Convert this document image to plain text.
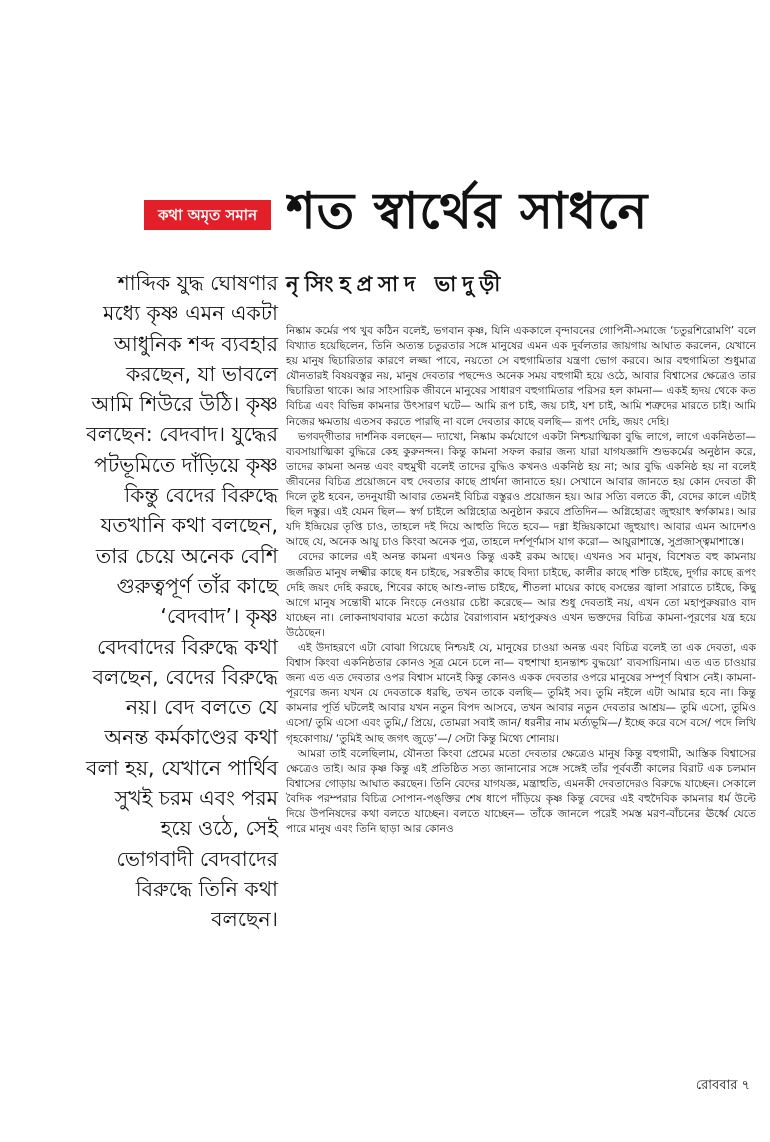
কথা অমৃত সমান শত স্বার্থের সাধনে
নৃসিংহপ্রসাদ ভাদুড়ী
শাব্দিক যুদ্ধ ঘোষণার মধ্যে কৃষ্ণ এমন একটা আধুনিক শব্দ ব্যবহার করছেন, যা ভাবলে আমি শিউরে উঠি। কৃষ্ণ বলছেন: বেদবাদ। যুদ্ধের পটভূমিতে দাঁড়িয়ে কৃষ্ণ কিন্তু বেদের বিরুদ্ধে যতখানি কথা বলছেন, তার চেয়ে অনেক বেশি গুরুত্বপূর্ণ তাঁর কাছে ‘বেদবাদ’। কৃষ্ণ বেদবাদের বিরুদ্ধে কথা বলছেন, বেদের বিরুদ্ধে নয়। বেদ বলতে যে অনন্ত কর্মকাণ্ডের কথা বলা হয়, যেখানে পার্থিব সুখই চরম এবং পরম হয়ে ওঠে, সেই ভোগবাদী বেদবাদের বিরুদ্ধে তিনি কথা বলছেন।

নিষ্কাম কর্মের পথ খুব কঠিন বলেই, ভগবান কৃষ্ণ, যিনি এককালে বৃন্দাবনের গোপিনী-সমাজে ‘চতুরশিরোমণি’ বলে বিখ্যাত হয়েছিলেন, তিনি অত্যন্ত চতুরতার সঙ্গে মানুষের এমন এক দুর্বলতার জায়গায় আঘাত করলেন, যেখানে হয় মানুষ ছিচারিতার কারণে লজ্জা পাবে, নয়তো সে বহুগামিতার যন্ত্রণা ভোগ করবে। আর বহুগামিতা শুধুমাত্র যৌনতারই বিষয়বস্তুর নয়, মানুষ দেবতার পছন্দেও অনেক সময় বহুগামী হয়ে ওঠে, আবার বিশ্বাসের ক্ষেত্রেও তার দ্বিচারিতা থাকে। আর সাংসারিক জীবনে মানুষের সাধারণ বহুগামিতার পরিসর হল কামনা— একই হৃদয় থেকে কত বিচিত্র এবং বিভিন্ন কামনার উৎসারণ ঘটে— আমি রূপ চাই, জয় চাই, যশ চাই, আমি শত্রুদের মারতে চাই। আমি নিজের ক্ষমতায় এতসব করতে পারছি না বলে দেবতার কাছে বলছি— রূপং দেহি, জয়ং দেহি।

ভগবদ্‌গীতার দার্শনিক বলছেন— দ্যাখো, নিষ্কাম কর্মযোগে একটা নিশ্চয়াত্মিকা বুদ্ধি লাগে, লাগে একনিষ্ঠতা— ব্যবসায়াত্মিকা বুদ্ধিরে কেহ কুরুনন্দন। কিন্তু কামনা সফল করার জন্য যারা যাগযজ্ঞাদি শুভকর্মের অনুষ্ঠান করে, তাদের কামনা অনন্ত এবং বহুমুখী বলেই তাদের বুদ্ধিও কখনও একনিষ্ঠ হয় না; আর বুদ্ধি একনিষ্ঠ হয় না বলেই জীবনের বিচিত্র প্রয়োজনে বহু দেবতার কাছে প্রার্থনা জানাতে হয়। সেখানে আবার জানতে হয় কোন দেবতা কী দিলে তুষ্ট হবেন, তদনুযায়ী আবার তেমনই বিচিত্র বস্তুরও প্রয়োজন হয়। আর সত্যি বলতে কী, বেদের কালে এটাই ছিল দস্তুর। এই যেমন ছিল— স্বর্গ চাইলে অগ্নিহোত্র অনুষ্ঠান করবে প্রতিদিন— অগ্নিহোত্রং জুহুয়াৎ স্বর্গকামঃ। আর যদি ইন্দ্রিয়ের তৃপ্তি চাও, তাহলে দই দিয়ে আহুতি দিতে হবে— দধ্না ইন্দ্রিয়কামো জুহুয়াৎ। আবার এমন আদেশও আছে যে, অনেক আয়ু চাও কিংবা অনেক পুত্র, তাহলে দর্শপূর্ণমাস যাগ করো— আয়ুরাশাস্তে, সুপ্রজাস্ত্বমাশাস্তে।

বেদের কালের এই অনন্ত কামনা এখনও কিন্তু একই রকম আছে। এখনও সব মানুষ, বিশেষত বহু কামনায় জর্জরিত মানুষ লক্ষ্মীর কাছে ধন চাইছে, সরস্বতীর কাছে বিদ্যা চাইছে, কালীর কাছে শক্তি চাইছে, দুর্গার কাছে রূপং দেহি জয়ং দেহি করছে, শিবের কাছে আশু-লাভ চাইছে, শীতলা মায়ের কাছে বসন্তের জ্বালা সারাতে চাইছে, কিছু আগে মানুষ সন্তোষী মাকে নিংড়ে নেওয়ার চেষ্টা করেছে— আর শুধু দেবতাই নয়, এখন তো মহাপুরুষরাও বাদ যাচ্ছেন না। লোকনাথবাবার মতো কঠোর বৈরাগ্যবান মহাপুরুষও এখন ভক্তদের বিচিত্র কামনা-পূরণের যন্ত্র হয়ে উঠেছেন।

এই উদাহরণে এটা বোঝা গিয়েছে নিশ্চয়ই যে, মানুষের চাওয়া অনন্ত এবং বিচিত্র বলেই তা এক দেবতা, এক বিশ্বাস কিংবা একনিষ্ঠতার কোনও সূত্র মেনে চলে না— বহুশাখা হ্যনন্তাশ্চ বুদ্ধয়ো’ ব্যবসায়িনাম। এত এত চাওয়ার জন্য এত এত দেবতার ওপর বিশ্বাস মানেই কিন্তু কোনও একক দেবতার ওপরে মানুষের সম্পূর্ণ বিশ্বাস নেই। কামনা-পূরণের জন্য যখন যে দেবতাকে ধরছি, তখন তাকে বলছি— তুমিই সব। তুমি নইলে এটা আমার হবে না। কিন্তু কামনার পূর্তি ঘটলেই আবার যখন নতুন বিপদ আসবে, তখন আবার নতুন দেবতার আশ্রয়— তুমি এসো, তুমিও এসো/ তুমি এসো এবং তুমি,/ প্রিয়ে, তোমরা সবাই জান/ ধরনীর নাম মর্ত্যভূমি—/ ইচ্ছে করে বসে বসে/ পদে লিখি গৃহকোণায়/ ‘তুমিই আছ জগৎ জুড়ে’—/ সেটা কিন্তু মিথ্যে শোনায়।

আমরা তাই বলেছিলাম, যৌনতা কিংবা প্রেমের মতো দেবতার ক্ষেত্রেও মানুষ কিন্তু বহুগামী, আস্তিক বিশ্বাসের ক্ষেত্রেও তাই। আর কৃষ্ণ কিন্তু এই প্রতিষ্ঠিত সত্য জানানোর সঙ্গে সঙ্গেই তাঁর পূর্ববর্তী কালের বিরাট এক চলমান বিশ্বাসের গোড়ায় আঘাত করছেন। তিনি বেদের যাগযজ্ঞ, মন্ত্রাহুতি, এমনকী দেবতাদেরও বিরুদ্ধে যাচ্ছেন। সেকালে বৈদিক পরম্পরার বিচিত্র সোপান-পঙ্‌ক্তির শেষ ধাপে দাঁড়িয়ে কৃষ্ণ কিন্তু বেদের এই বহুদৈবিক কামনার ধর্ম উল্টে দিয়ে উপনিষদের কথা বলতে যাচ্ছেন। বলতে যাচ্ছেন— তাঁকে জানলে পরেই সমস্ত মরণ-বাঁচনের ঊর্ধ্বে যেতে পারে মানুষ এবং তিনি ছাড়া আর কোনও

রোববার ৭
